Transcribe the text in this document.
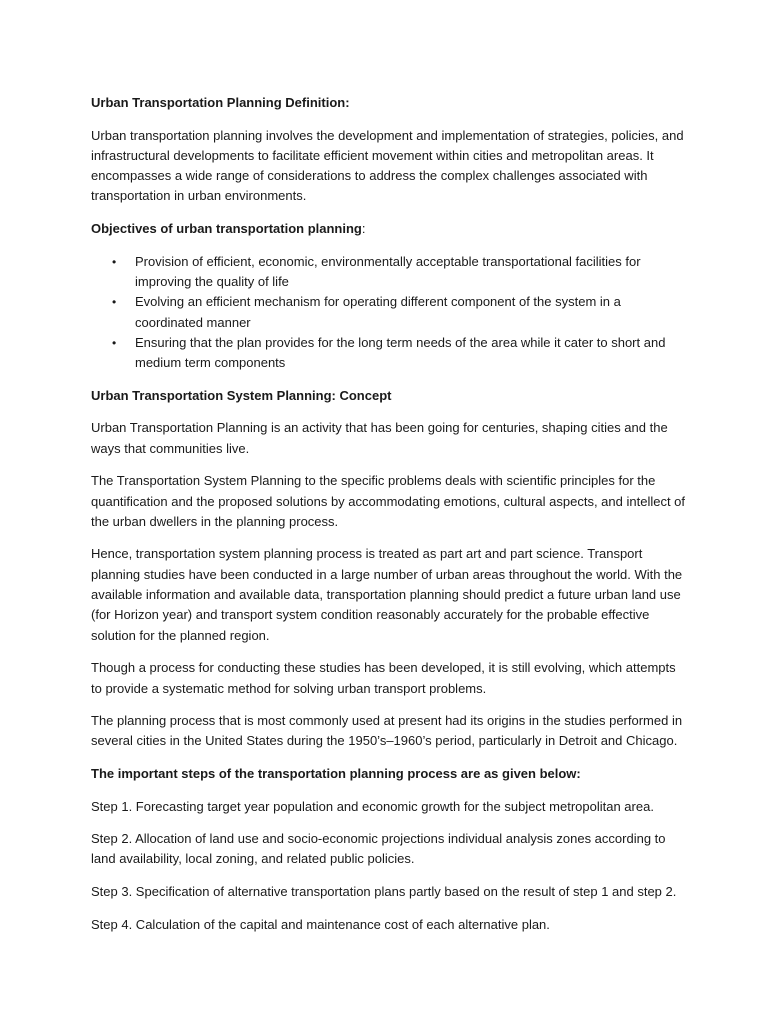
Urban Transportation Planning Definition:

Urban transportation planning involves the development and implementation of strategies, policies, and infrastructural developments to facilitate efficient movement within cities and metropolitan areas. It encompasses a wide range of considerations to address the complex challenges associated with transportation in urban environments.

Objectives of urban transportation planning:

• Provision of efficient, economic, environmentally acceptable transportational facilities for improving the quality of life
• Evolving an efficient mechanism for operating different component of the system in a coordinated manner
• Ensuring that the plan provides for the long term needs of the area while it cater to short and medium term components

Urban Transportation System Planning: Concept

Urban Transportation Planning is an activity that has been going for centuries, shaping cities and the ways that communities live.

The Transportation System Planning to the specific problems deals with scientific principles for the quantification and the proposed solutions by accommodating emotions, cultural aspects, and intellect of the urban dwellers in the planning process.

Hence, transportation system planning process is treated as part art and part science. Transport planning studies have been conducted in a large number of urban areas throughout the world. With the available information and available data, transportation planning should predict a future urban land use (for Horizon year) and transport system condition reasonably accurately for the probable effective solution for the planned region.

Though a process for conducting these studies has been developed, it is still evolving, which attempts to provide a systematic method for solving urban transport problems.

The planning process that is most commonly used at present had its origins in the studies performed in several cities in the United States during the 1950’s–1960’s period, particularly in Detroit and Chicago.

The important steps of the transportation planning process are as given below:

Step 1. Forecasting target year population and economic growth for the subject metropolitan area.

Step 2. Allocation of land use and socio-economic projections individual analysis zones according to land availability, local zoning, and related public policies.

Step 3. Specification of alternative transportation plans partly based on the result of step 1 and step 2.

Step 4. Calculation of the capital and maintenance cost of each alternative plan.
